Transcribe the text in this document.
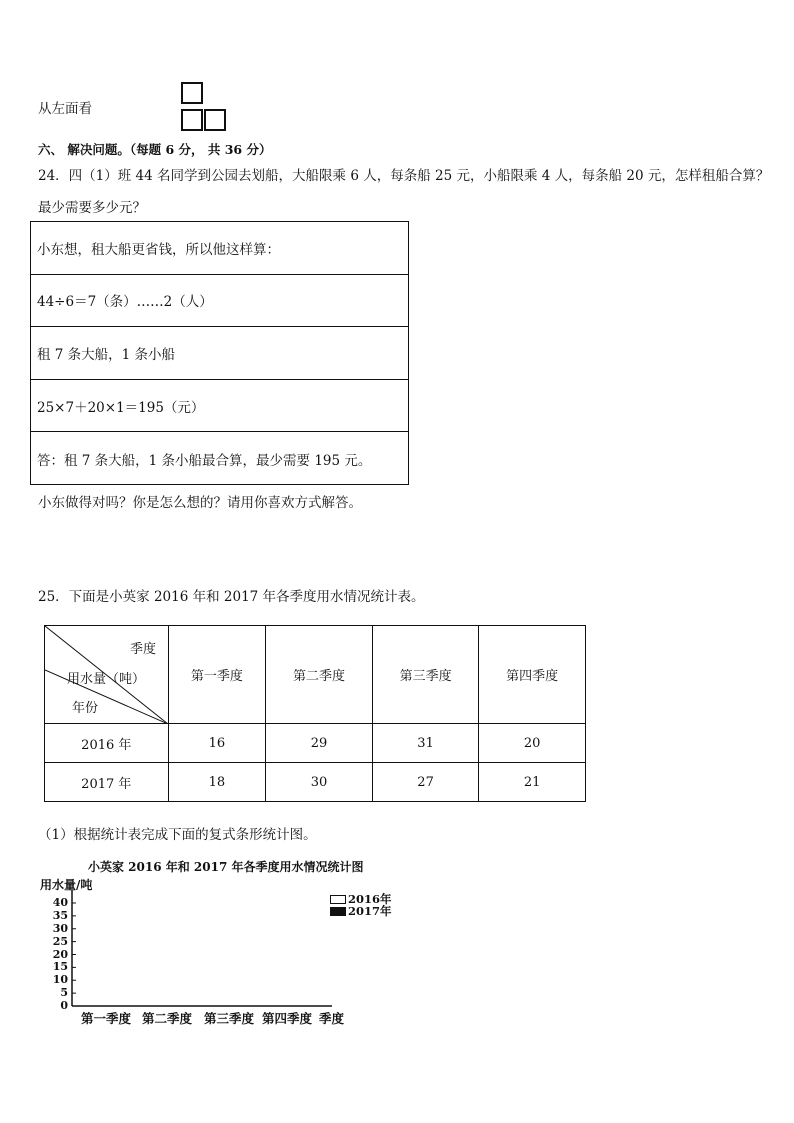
从左面看
六、 解决问题。（每题 6 分， 共 36 分）
24．四（1）班 44 名同学到公园去划船，大船限乘 6 人，每条船 25 元，小船限乘 4 人，每条船 20 元，怎样租船合算？
最少需要多少元？
小东想，租大船更省钱，所以他这样算：
44÷6＝7（条）……2（人）
租 7 条大船，1 条小船
25×7＋20×1＝195（元）
答：租 7 条大船，1 条小船最合算，最少需要 195 元。
小东做得对吗？你是怎么想的？请用你喜欢方式解答。
25．下面是小英家 2016 年和 2017 年各季度用水情况统计表。
季度
用水量（吨）
年份	第一季度	第二季度	第三季度	第四季度
2016 年	16	29	31	20
2017 年	18	30	27	21
（1）根据统计表完成下面的复式条形统计图。
小英家 2016 年和 2017 年各季度用水情况统计图
用水量/吨
0
5
10
15
20
25
30
35
40
第一季度 第二季度 第三季度 第四季度 季度
2016年
2017年
